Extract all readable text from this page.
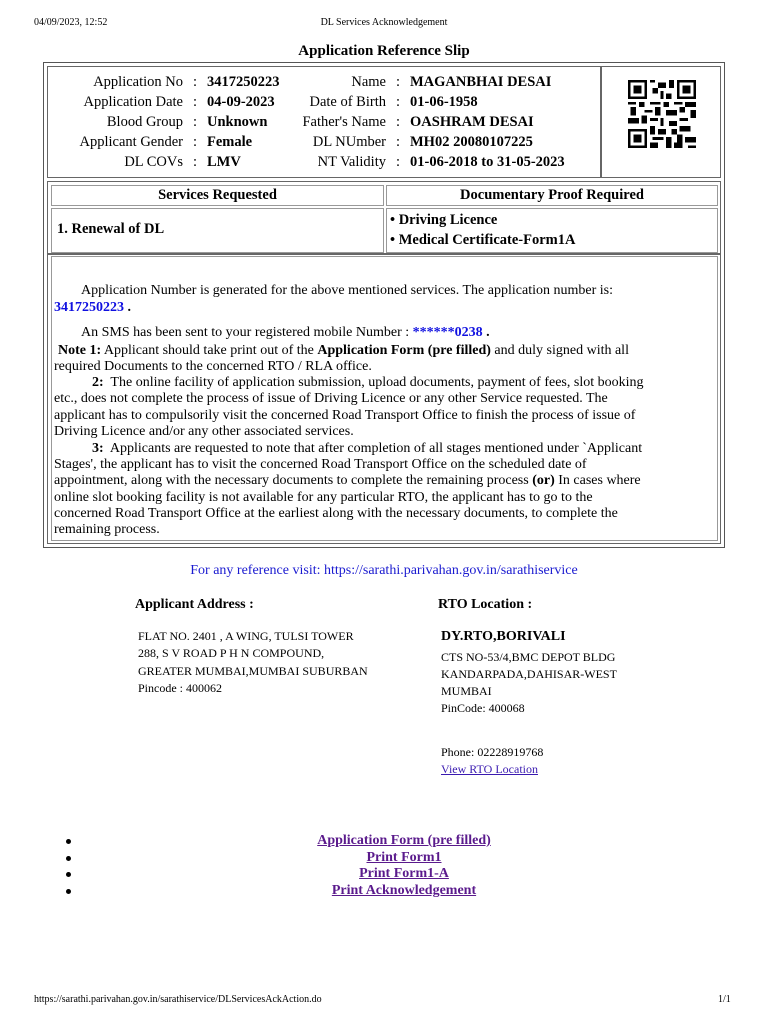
04/09/2023, 12:52	DL Services Acknowledgement
Application Reference Slip
Application No : 3417250223	Name : MAGANBHAI DESAI
Application Date : 04-09-2023	Date of Birth : 01-06-1958
Blood Group : Unknown	Father's Name : OASHRAM DESAI
Applicant Gender : Female	DL NUmber : MH02 20080107225
DL COVs : LMV	NT Validity : 01-06-2018 to 31-05-2023
Services Requested	Documentary Proof Required
1. Renewal of DL
• Driving Licence
• Medical Certificate-Form1A
Application Number is generated for the above mentioned services. The application number is:
3417250223 .
An SMS has been sent to your registered mobile Number : ******0238 .
Note 1: Applicant should take print out of the Application Form (pre filled) and duly signed with all
required Documents to the concerned RTO / RLA office.
2: The online facility of application submission, upload documents, payment of fees, slot booking
etc., does not complete the process of issue of Driving Licence or any other Service requested. The
applicant has to compulsorily visit the concerned Road Transport Office to finish the process of issue of
Driving Licence and/or any other associated services.
3: Applicants are requested to note that after completion of all stages mentioned under `Applicant
Stages', the applicant has to visit the concerned Road Transport Office on the scheduled date of
appointment, along with the necessary documents to complete the remaining process (or) In cases where
online slot booking facility is not available for any particular RTO, the applicant has to go to the
concerned Road Transport Office at the earliest along with the necessary documents, to complete the
remaining process.
For any reference visit: https://sarathi.parivahan.gov.in/sarathiservice
Applicant Address :
FLAT NO. 2401 , A WING, TULSI TOWER
288, S V ROAD P H N COMPOUND,
GREATER MUMBAI,MUMBAI SUBURBAN
Pincode : 400062
RTO Location :
DY.RTO,BORIVALI
CTS NO-53/4,BMC DEPOT BLDG
KANDARPADA,DAHISAR-WEST
MUMBAI
PinCode: 400068
Phone: 02228919768
View RTO Location
Application Form (pre filled)
Print Form1
Print Form1-A
Print Acknowledgement
https://sarathi.parivahan.gov.in/sarathiservice/DLServicesAckAction.do	1/1
